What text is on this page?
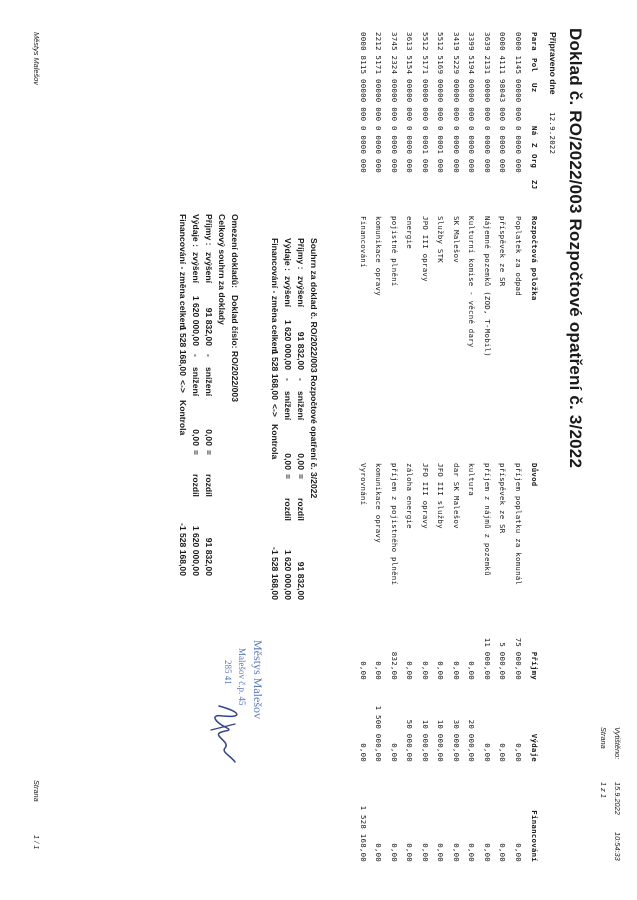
Doklad č. RO/2022/003 Rozpočtové opatření č. 3/2022
Připraveno dne
12.9.2022
Vytištěno:
15.9.2022
10:54:33
Strana
1 z 1
Para
Pol
Uz
Ná
Z
Org
ZJ
Rozpočtová položka
Důvod
Příjmy
Výdaje
Financování
0000 1145 00000 000 0 0000 000
Poplatek za odpad
příjem poplatku za komunál
75 000,00
0,00
0,00
0000 4111 98043 000 0 0000 000
příspěvek ze SR
příspěvek ze SR
5 000,00
0,00
0,00
3639 2131 00000 000 0 0000 000
Nájemné pozemků (ZOD, T-Mobil)
příjem z nájmů z pozemků
11 000,00
0,00
0,00
3399 5194 00000 000 0 0000 000
Kulturní komise - věcné dary
kultura
0,00
20 000,00
0,00
3419 5229 00000 000 0 0000 000
SK Malešov
dar SK Malešov
0,00
30 000,00
0,00
5512 5169 00000 000 0 0001 000
Služby STK
JFO III služby
0,00
10 000,00
0,00
5512 5171 00000 000 0 0001 000
JPO III opravy
JFO III opravy
0,00
10 000,00
0,00
3613 5154 00000 000 0 0000 000
energie
záloha energie
0,00
50 000,00
0,00
3745 2324 00000 000 0 0000 000
pojistné plnění
příjem z pojistného plnění
832,00
0,00
0,00
2212 5171 00000 000 0 0000 000
komunikace opravy
komunikace opravy
0,00
1 500 000,00
0,00
0000 8115 00000 000 0 0000 000
Financování
Vyrovnání
0,00
0,00
1 528 168,00
Souhrn za doklad č. RO/2022/003 Rozpočtové opatření č. 3/2022
Příjmy :
zvýšení
91 832,00
-
snížení
0,00
=
rozdíl
91 832,00
Výdaje :
zvýšení
1 620 000,00
-
snížení
0,00
=
rozdíl
1 620 000,00
Financování - změna celkem
1 528 168,00
<->
Kontrola
-1 528 168,00
Omezení dokladů:
Doklad číslo: RO/2022/003
Celkový souhrn za doklady
Příjmy :
zvýšení
91 832,00
-
snížení
0,00
=
rozdíl
91 832,00
Výdaje :
zvýšení
1 620 000,00
-
snížení
0,00
=
rozdíl
1 620 000,00
Financování - změna celkem
1 528 168,00
<->
Kontrola
-1 528 168,00
Městys Malešov
Malešov č.p. 45
285 41
Městys Malešov
Strana
1 / 1
